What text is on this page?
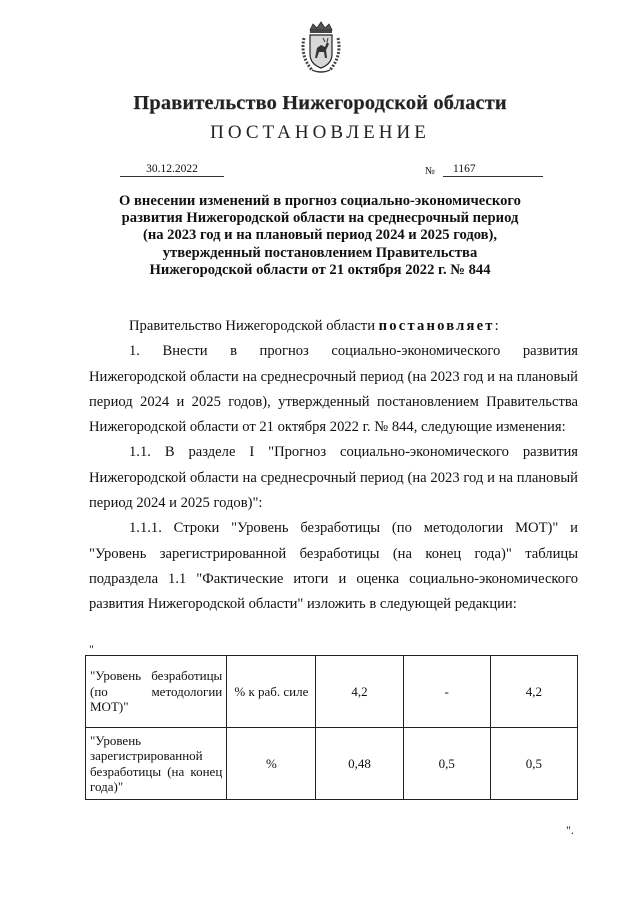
Правительство Нижегородской области
ПОСТАНОВЛЕНИЕ
30.12.2022	№	1167
О внесении изменений в прогноз социально-экономического
развития Нижегородской области на среднесрочный период
(на 2023 год и на плановый период 2024 и 2025 годов),
утвержденный постановлением Правительства
Нижегородской области от 21 октября 2022 г. № 844

Правительство Нижегородской области постановляет:

1. Внести в прогноз социально-экономического развития Нижегородской области на среднесрочный период (на 2023 год и на плановый период 2024 и 2025 годов), утвержденный постановлением Правительства Нижегородской области от 21 октября 2022 г. № 844, следующие изменения:

1.1. В разделе I "Прогноз социально-экономического развития Нижегородской области на среднесрочный период (на 2023 год и на плановый период 2024 и 2025 годов)":

1.1.1. Строки "Уровень безработицы (по методологии МОТ)" и "Уровень зарегистрированной безработицы (на конец года)" таблицы подраздела 1.1 "Фактические итоги и оценка социально-экономического развития Нижегородской области" изложить в следующей редакции:

"
"Уровень безработицы (по методологии МОТ)"	% к раб. силе	4,2	-	4,2
"Уровень зарегистрированной безработицы (на конец года)"	%	0,48	0,5	0,5
".
